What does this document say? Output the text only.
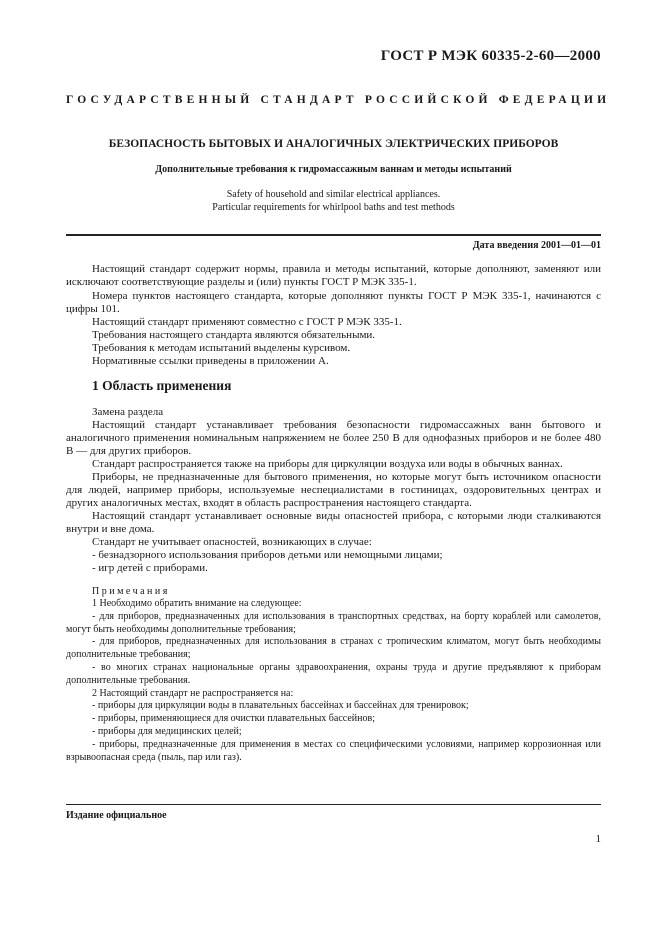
ГОСТ Р МЭК 60335-2-60—2000
ГОСУДАРСТВЕННЫЙ СТАНДАРТ РОССИЙСКОЙ ФЕДЕРАЦИИ
БЕЗОПАСНОСТЬ БЫТОВЫХ И АНАЛОГИЧНЫХ ЭЛЕКТРИЧЕСКИХ ПРИБОРОВ
Дополнительные требования к гидромассажным ваннам и методы испытаний
Safety of household and similar electrical appliances.
Particular requirements for whirlpool baths and test methods
Дата введения 2001—01—01

Настоящий стандарт содержит нормы, правила и методы испытаний, которые дополняют, заменяют или исключают соответствующие разделы и (или) пункты ГОСТ Р МЭК 335-1.

Номера пунктов настоящего стандарта, которые дополняют пункты ГОСТ Р МЭК 335-1, начинаются с цифры 101.

Настоящий стандарт применяют совместно с ГОСТ Р МЭК 335-1.

Требования настоящего стандарта являются обязательными.

Требования к методам испытаний выделены курсивом.

Нормативные ссылки приведены в приложении А.

1 Область применения

Замена раздела

Настоящий стандарт устанавливает требования безопасности гидромассажных ванн бытового и аналогичного применения номинальным напряжением не более 250 В для однофазных приборов и не более 480 В — для других приборов.

Стандарт распространяется также на приборы для циркуляции воздуха или воды в обычных ваннах.

Приборы, не предназначенные для бытового применения, но которые могут быть источником опасности для людей, например приборы, используемые неспециалистами в гостиницах, оздоровительных центрах и других аналогичных местах, входят в область распространения настоящего стандарта.

Настоящий стандарт устанавливает основные виды опасностей прибора, с которыми люди сталкиваются внутри и вне дома.

Стандарт не учитывает опасностей, возникающих в случае:

- безнадзорного использования приборов детьми или немощными лицами;

- игр детей с приборами.

Примечания

1 Необходимо обратить внимание на следующее:

- для приборов, предназначенных для использования в транспортных средствах, на борту кораблей или самолетов, могут быть необходимы дополнительные требования;

- для приборов, предназначенных для использования в странах с тропическим климатом, могут быть необходимы дополнительные требования;

- во многих странах национальные органы здравоохранения, охраны труда и другие предъявляют к приборам дополнительные требования.

2 Настоящий стандарт не распространяется на:

- приборы для циркуляции воды в плавательных бассейнах и бассейнах для тренировок;

- приборы, применяющиеся для очистки плавательных бассейнов;

- приборы для медицинских целей;

- приборы, предназначенные для применения в местах со специфическими условиями, например коррозионная или взрывоопасная среда (пыль, пар или газ).

Издание официальное
1
